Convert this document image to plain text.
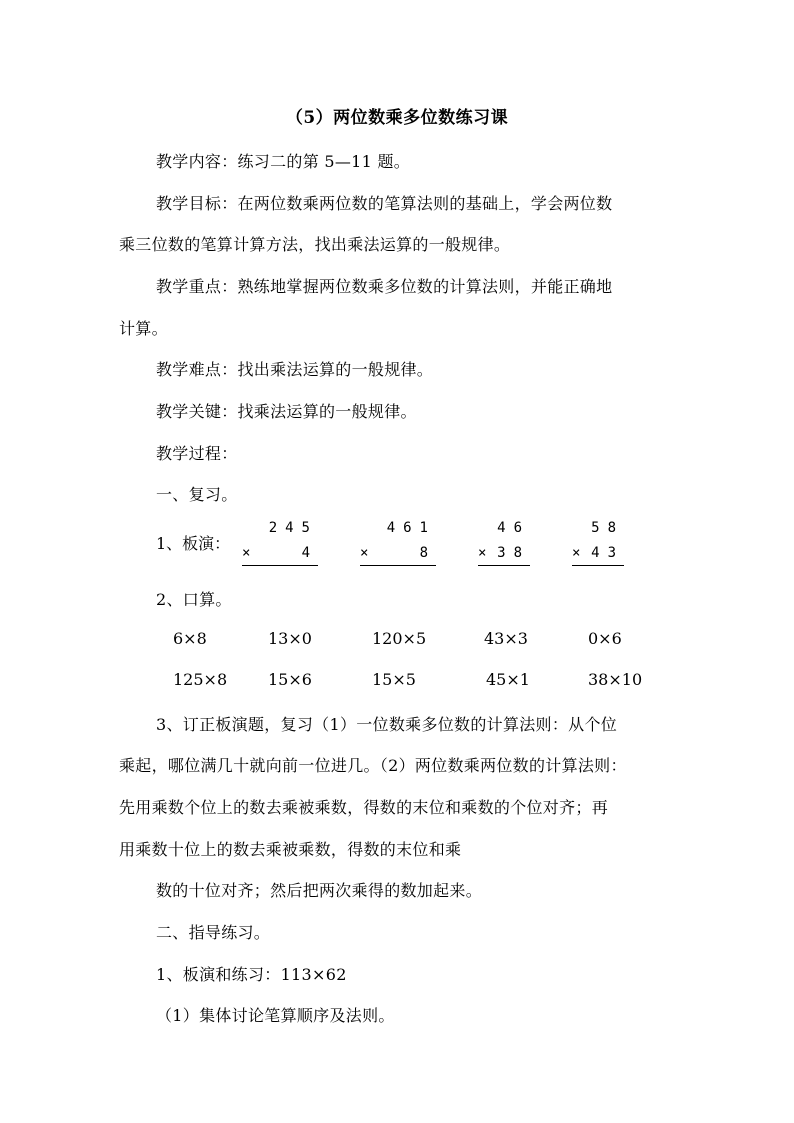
（5）两位数乘多位数练习课
教学内容：练习二的第 5—11 题。
教学目标：在两位数乘两位数的笔算法则的基础上，学会两位数
乘三位数的笔算计算方法，找出乘法运算的一般规律。
教学重点：熟练地掌握两位数乘多位数的计算法则，并能正确地
计算。
教学难点：找出乘法运算的一般规律。
教学关键：找乘法运算的一般规律。
教学过程：
一、复习。
1、板演：
245
×	4
461
×	8
46
× 38
58
× 43
2、口算。
6×8	13×0	120×5	43×3	0×6
125×8	15×6	15×5	45×1	38×10
3、订正板演题，复习（1）一位数乘多位数的计算法则：从个位
乘起，哪位满几十就向前一位进几。（2）两位数乘两位数的计算法则：
先用乘数个位上的数去乘被乘数，得数的末位和乘数的个位对齐；再
用乘数十位上的数去乘被乘数，得数的末位和乘
数的十位对齐；然后把两次乘得的数加起来。
二、指导练习。
1、板演和练习：113×62
（1）集体讨论笔算顺序及法则。
